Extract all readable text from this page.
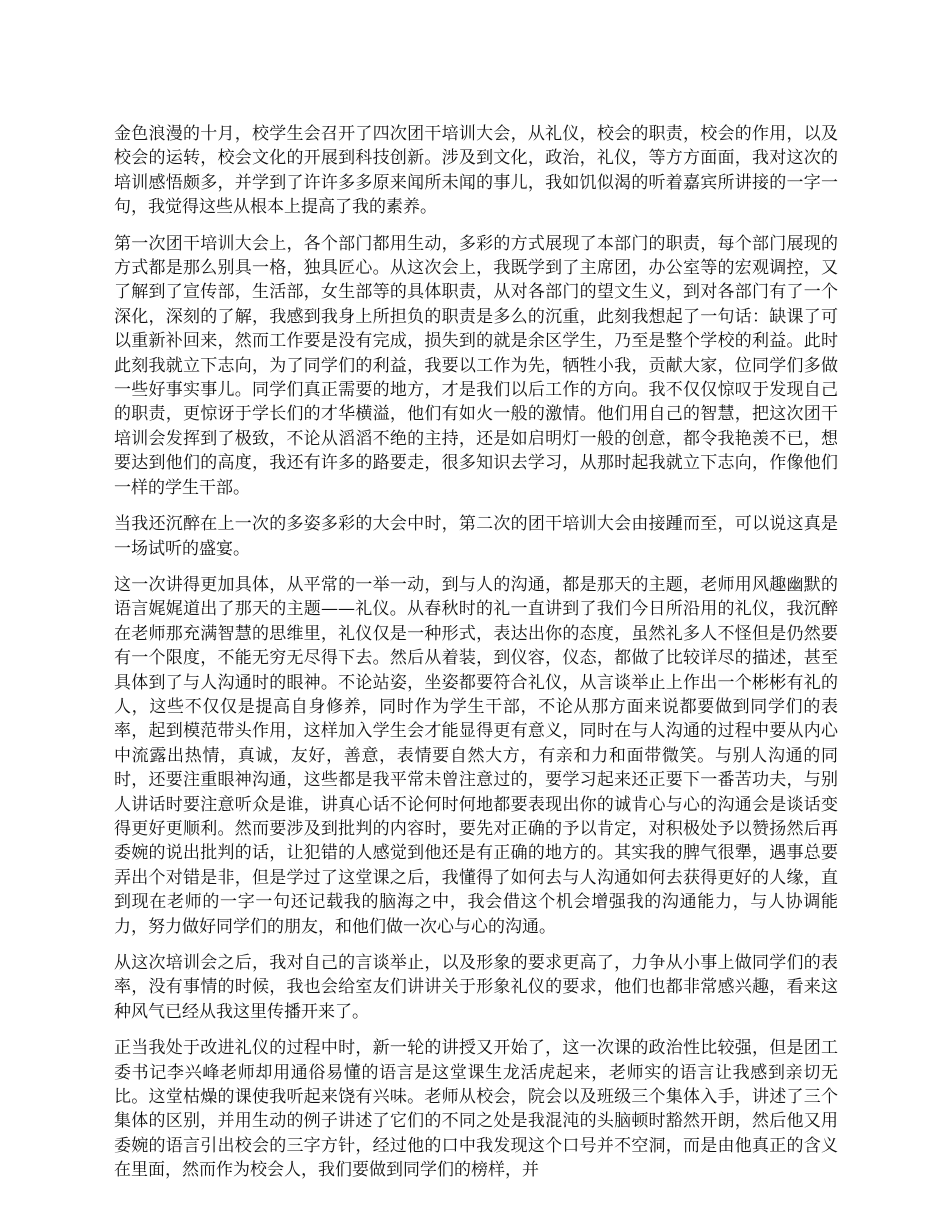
金色浪漫的十月，校学生会召开了四次团干培训大会，从礼仪，校会的职责，校会的作用，以及校会的运转，校会文化的开展到科技创新。涉及到文化，政治，礼仪，等方方面面，我对这次的培训感悟颇多，并学到了许许多多原来闻所未闻的事儿，我如饥似渴的听着嘉宾所讲接的一字一句，我觉得这些从根本上提高了我的素养。

第一次团干培训大会上，各个部门都用生动，多彩的方式展现了本部门的职责，每个部门展现的方式都是那么别具一格，独具匠心。从这次会上，我既学到了主席团，办公室等的宏观调控，又了解到了宣传部，生活部，女生部等的具体职责，从对各部门的望文生义，到对各部门有了一个深化，深刻的了解，我感到我身上所担负的职责是多么的沉重，此刻我想起了一句话：缺课了可以重新补回来，然而工作要是没有完成，损失到的就是余区学生，乃至是整个学校的利益。此时此刻我就立下志向，为了同学们的利益，我要以工作为先，牺牲小我，贡献大家，位同学们多做一些好事实事儿。同学们真正需要的地方，才是我们以后工作的方向。我不仅仅惊叹于发现自己的职责，更惊讶于学长们的才华横溢，他们有如火一般的激情。他们用自己的智慧，把这次团干培训会发挥到了极致，不论从滔滔不绝的主持，还是如启明灯一般的创意，都令我艳羡不已，想要达到他们的高度，我还有许多的路要走，很多知识去学习，从那时起我就立下志向，作像他们一样的学生干部。

当我还沉醉在上一次的多姿多彩的大会中时，第二次的团干培训大会由接踵而至，可以说这真是一场试听的盛宴。

这一次讲得更加具体，从平常的一举一动，到与人的沟通，都是那天的主题，老师用风趣幽默的语言娓娓道出了那天的主题——礼仪。从春秋时的礼一直讲到了我们今日所沿用的礼仪，我沉醉在老师那充满智慧的思维里，礼仪仅是一种形式，表达出你的态度，虽然礼多人不怪但是仍然要有一个限度，不能无穷无尽得下去。然后从着装，到仪容，仪态，都做了比较详尽的描述，甚至具体到了与人沟通时的眼神。不论站姿，坐姿都要符合礼仪，从言谈举止上作出一个彬彬有礼的人，这些不仅仅是提高自身修养，同时作为学生干部，不论从那方面来说都要做到同学们的表率，起到模范带头作用，这样加入学生会才能显得更有意义，同时在与人沟通的过程中要从内心中流露出热情，真诚，友好，善意，表情要自然大方，有亲和力和面带微笑。与别人沟通的同时，还要注重眼神沟通，这些都是我平常未曾注意过的，要学习起来还正要下一番苦功夫，与别人讲话时要注意听众是谁，讲真心话不论何时何地都要表现出你的诚肯心与心的沟通会是谈话变得更好更顺利。然而要涉及到批判的内容时，要先对正确的予以肯定，对积极处予以赞扬然后再委婉的说出批判的话，让犯错的人感觉到他还是有正确的地方的。其实我的脾气很犟，遇事总要弄出个对错是非，但是学过了这堂课之后，我懂得了如何去与人沟通如何去获得更好的人缘，直到现在老师的一字一句还记载我的脑海之中，我会借这个机会增强我的沟通能力，与人协调能力，努力做好同学们的朋友，和他们做一次心与心的沟通。

从这次培训会之后，我对自己的言谈举止，以及形象的要求更高了，力争从小事上做同学们的表率，没有事情的时候，我也会给室友们讲讲关于形象礼仪的要求，他们也都非常感兴趣，看来这种风气已经从我这里传播开来了。

正当我处于改进礼仪的过程中时，新一轮的讲授又开始了，这一次课的政治性比较强，但是团工委书记李兴峰老师却用通俗易懂的语言是这堂课生龙活虎起来，老师实的语言让我感到亲切无比。这堂枯燥的课使我听起来饶有兴味。老师从校会，院会以及班级三个集体入手，讲述了三个集体的区别，并用生动的例子讲述了它们的不同之处是我混沌的头脑顿时豁然开朗，然后他又用委婉的语言引出校会的三字方针，经过他的口中我发现这个口号并不空洞，而是由他真正的含义在里面，然而作为校会人，我们要做到同学们的榜样，并
